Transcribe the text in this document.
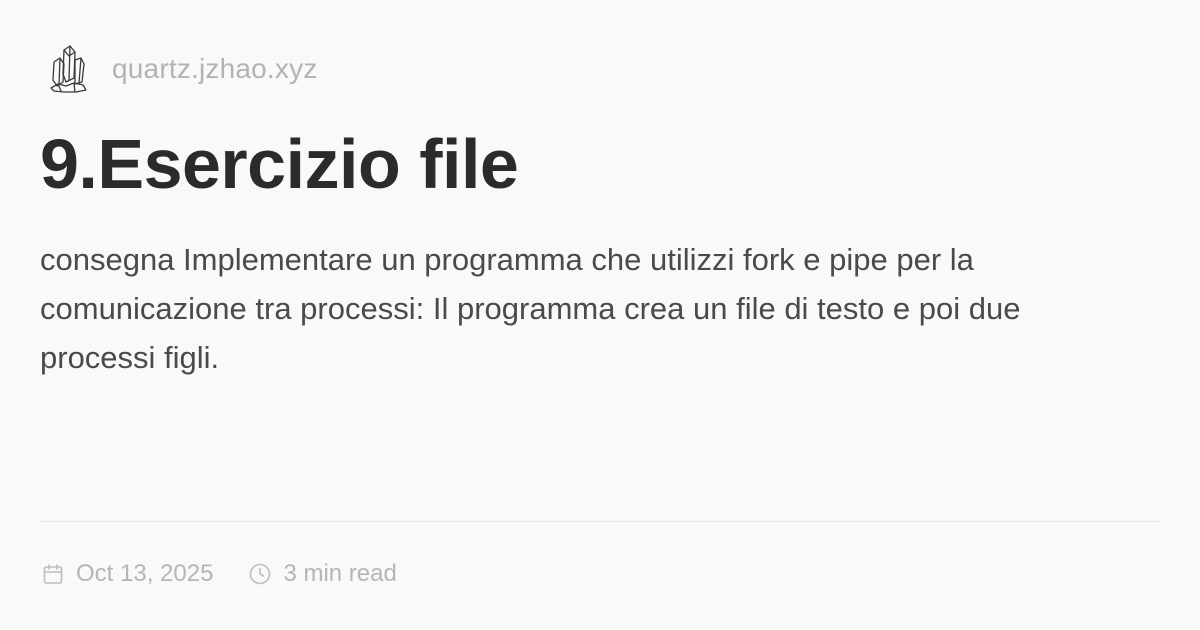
quartz.jzhao.xyz
9.Esercizio file

consegna Implementare un programma che utilizzi fork e pipe per la comunicazione tra processi: Il programma crea un file di testo e poi due processi figli.

Oct 13, 2025	3 min read
